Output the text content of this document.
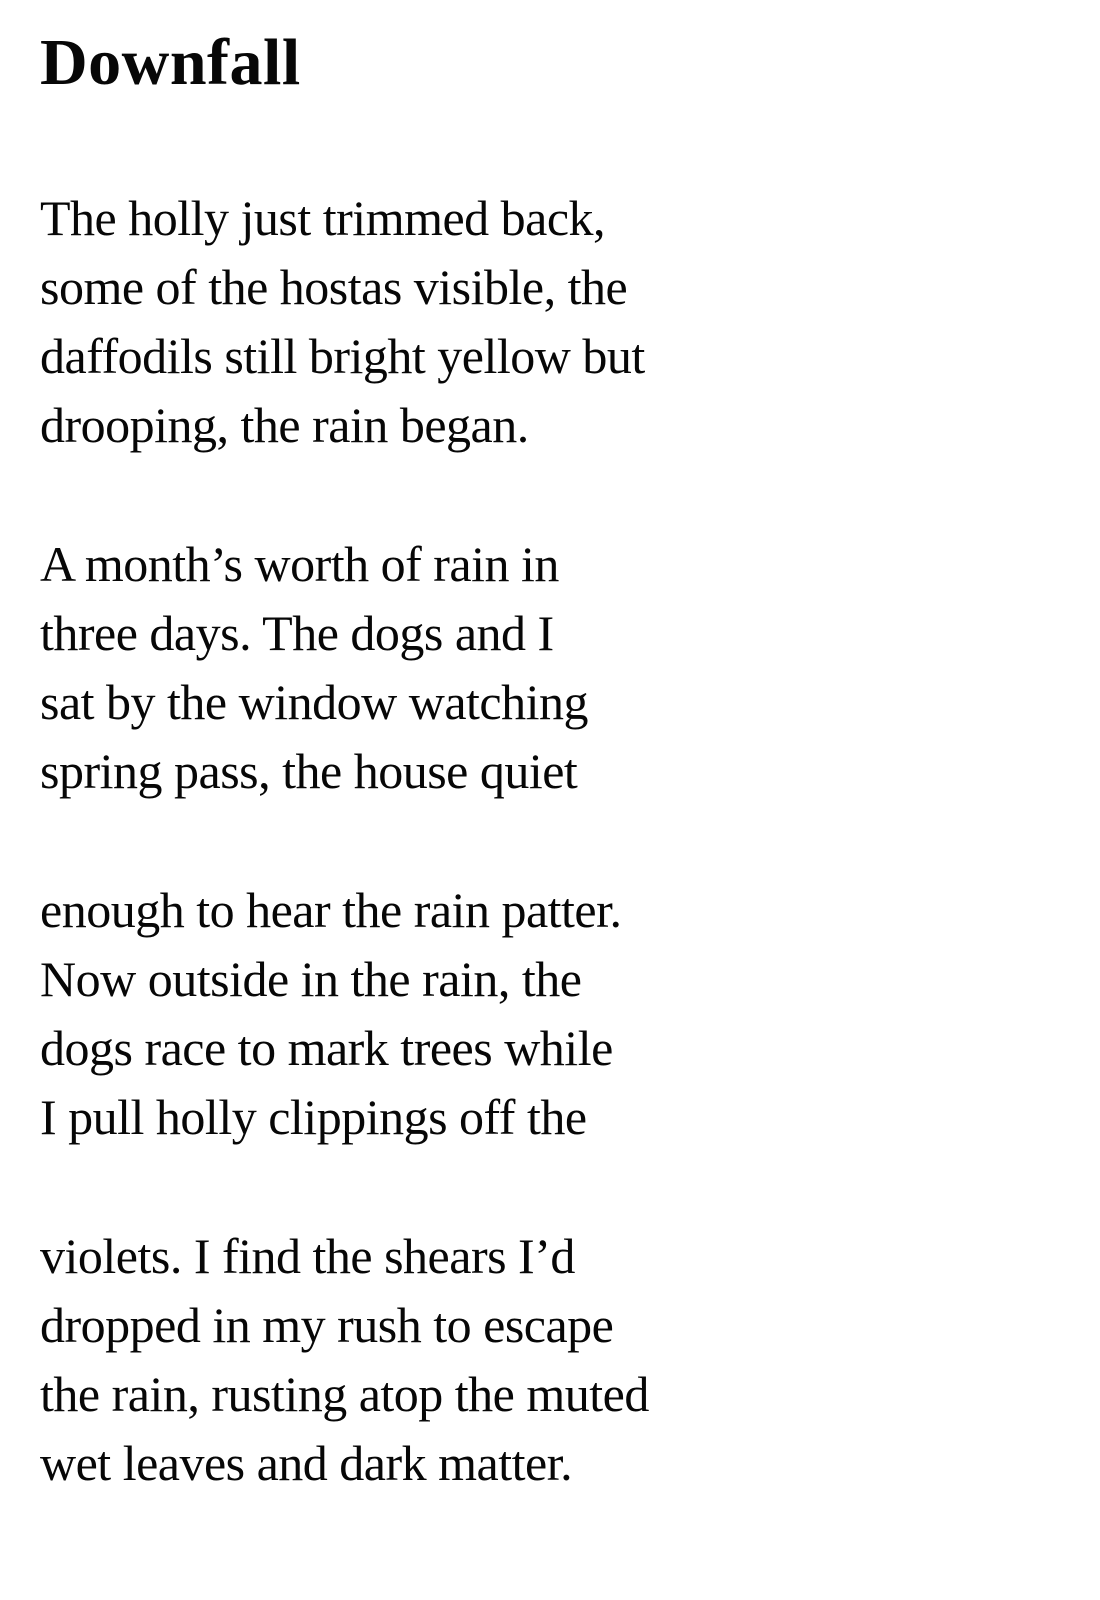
Downfall
The holly just trimmed back,
some of the hostas visible, the
daffodils still bright yellow but
drooping, the rain began.
A month’s worth of rain in
three days. The dogs and I
sat by the window watching
spring pass, the house quiet
enough to hear the rain patter.
Now outside in the rain, the
dogs race to mark trees while
I pull holly clippings off the
violets. I find the shears I’d
dropped in my rush to escape
the rain, rusting atop the muted
wet leaves and dark matter.
